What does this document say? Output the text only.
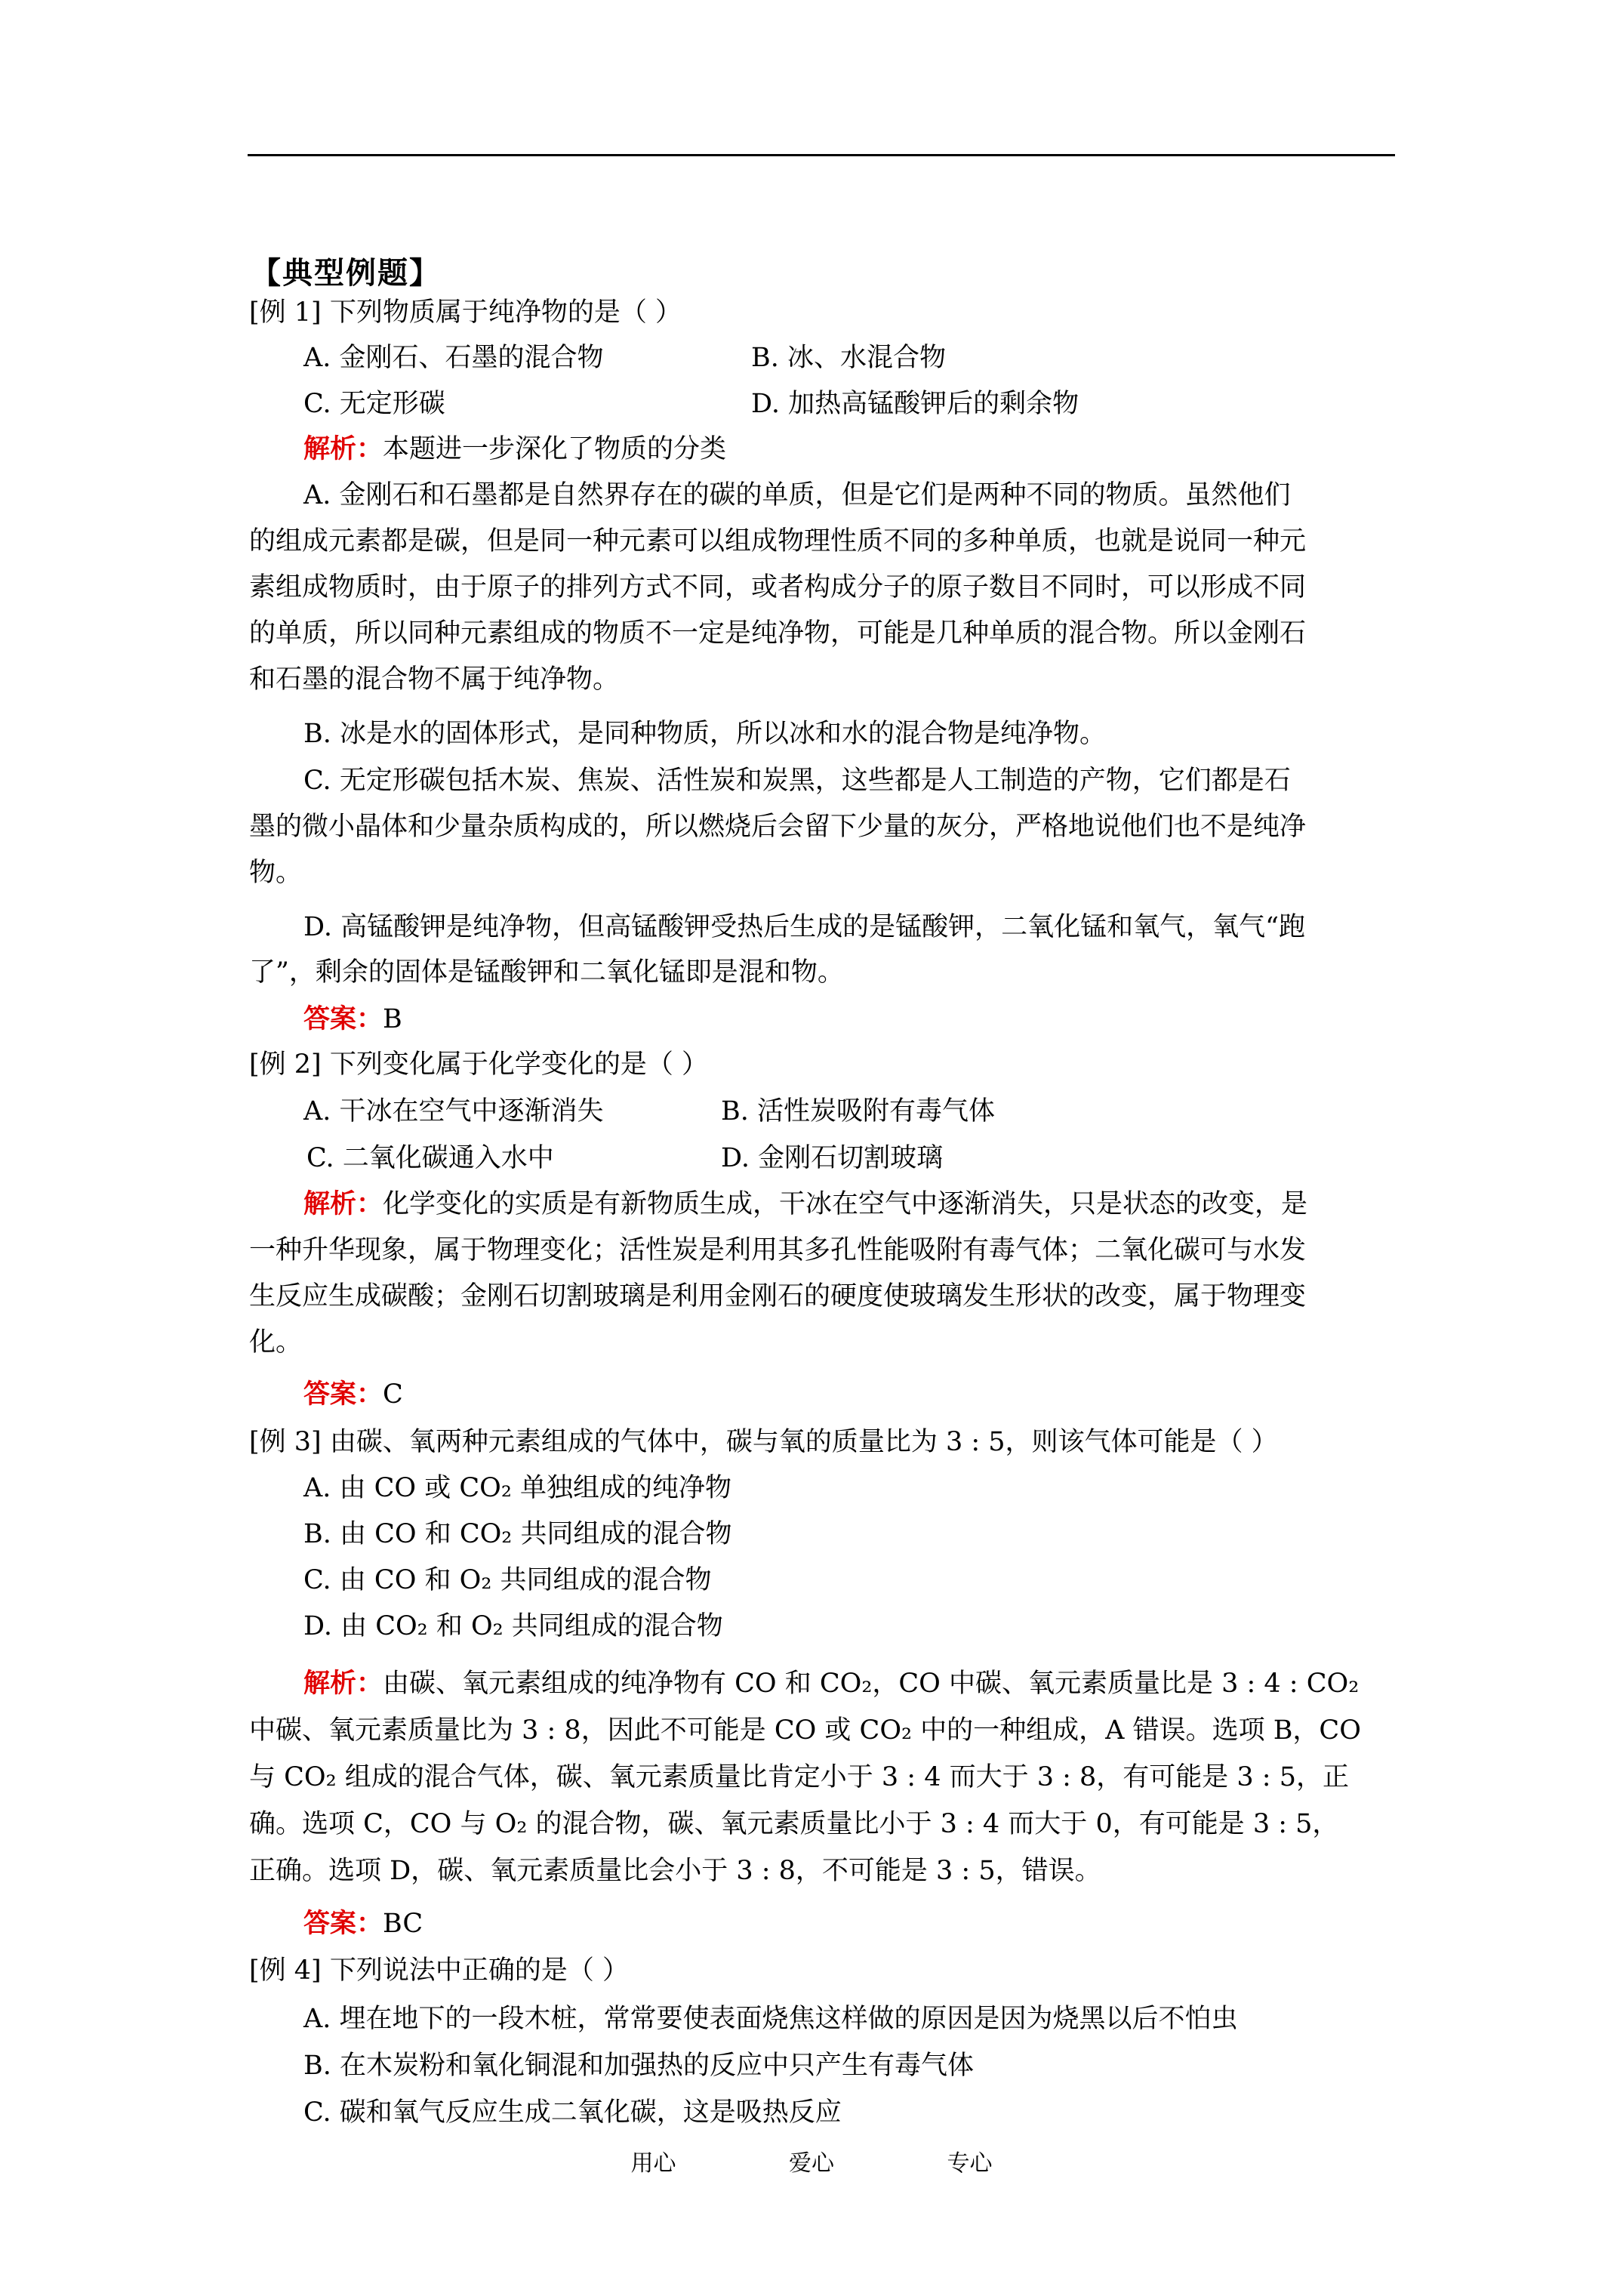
【典型例题】
[例 1] 下列物质属于纯净物的是（ ）
A. 金刚石、石墨的混合物	B. 冰、水混合物
C. 无定形碳	D. 加热高锰酸钾后的剩余物
解析：本题进一步深化了物质的分类
A. 金刚石和石墨都是自然界存在的碳的单质，但是它们是两种不同的物质。虽然他们
的组成元素都是碳，但是同一种元素可以组成物理性质不同的多种单质，也就是说同一种元
素组成物质时，由于原子的排列方式不同，或者构成分子的原子数目不同时，可以形成不同
的单质，所以同种元素组成的物质不一定是纯净物，可能是几种单质的混合物。所以金刚石
和石墨的混合物不属于纯净物。
B. 冰是水的固体形式，是同种物质，所以冰和水的混合物是纯净物。
C. 无定形碳包括木炭、焦炭、活性炭和炭黑，这些都是人工制造的产物，它们都是石
墨的微小晶体和少量杂质构成的，所以燃烧后会留下少量的灰分，严格地说他们也不是纯净
物。
D. 高锰酸钾是纯净物，但高锰酸钾受热后生成的是锰酸钾，二氧化锰和氧气，氧气“跑
了”，剩余的固体是锰酸钾和二氧化锰即是混和物。
答案：B
[例 2] 下列变化属于化学变化的是（ ）
A. 干冰在空气中逐渐消失	B. 活性炭吸附有毒气体
C. 二氧化碳通入水中	D. 金刚石切割玻璃
解析：化学变化的实质是有新物质生成，干冰在空气中逐渐消失，只是状态的改变，是
一种升华现象，属于物理变化；活性炭是利用其多孔性能吸附有毒气体；二氧化碳可与水发
生反应生成碳酸；金刚石切割玻璃是利用金刚石的硬度使玻璃发生形状的改变，属于物理变
化。
答案：C
[例 3] 由碳、氧两种元素组成的气体中，碳与氧的质量比为 3 : 5，则该气体可能是（ ）
A. 由 CO 或 CO₂ 单独组成的纯净物
B. 由 CO 和 CO₂ 共同组成的混合物
C. 由 CO 和 O₂ 共同组成的混合物
D. 由 CO₂ 和 O₂ 共同组成的混合物
解析：由碳、氧元素组成的纯净物有 CO 和 CO₂，CO 中碳、氧元素质量比是 3 : 4 : CO₂
中碳、氧元素质量比为 3 : 8，因此不可能是 CO 或 CO₂ 中的一种组成，A 错误。选项 B，CO
与 CO₂ 组成的混合气体，碳、氧元素质量比肯定小于 3 : 4 而大于 3 : 8，有可能是 3 : 5，正
确。选项 C，CO 与 O₂ 的混合物，碳、氧元素质量比小于 3 : 4 而大于 0，有可能是 3 : 5，
正确。选项 D，碳、氧元素质量比会小于 3 : 8，不可能是 3 : 5，错误。
答案：BC
[例 4] 下列说法中正确的是（ ）
A. 埋在地下的一段木桩，常常要使表面烧焦这样做的原因是因为烧黑以后不怕虫
B. 在木炭粉和氧化铜混和加强热的反应中只产生有毒气体
C. 碳和氧气反应生成二氧化碳，这是吸热反应
用心	爱心	专心
